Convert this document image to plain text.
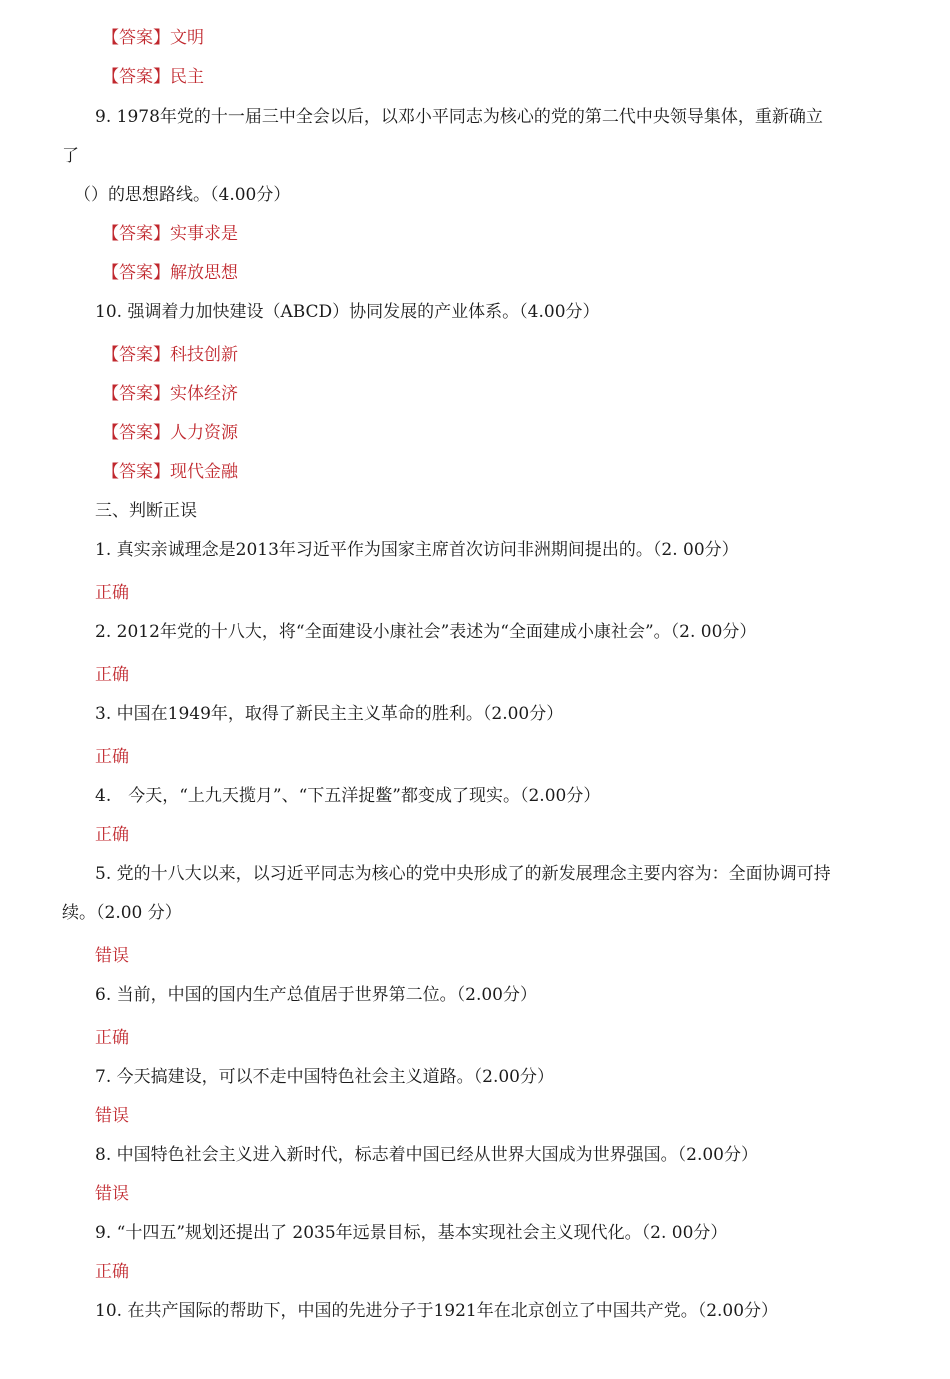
【答案】文明
【答案】民主
9. 1978年党的十一届三中全会以后，以邓小平同志为核心的党的第二代中央领导集体，重新确立
了
（）的思想路线。（4.00分）
【答案】实事求是
【答案】解放思想
10. 强调着力加快建设（ABCD）协同发展的产业体系。（4.00分）
【答案】科技创新
【答案】实体经济
【答案】人力资源
【答案】现代金融
三、判断正误
1. 真实亲诚理念是2013年习近平作为国家主席首次访问非洲期间提出的。（2. 00分）
正确
2. 2012年党的十八大，将“全面建设小康社会”表述为“全面建成小康社会”。（2. 00分）
正确
3. 中国在1949年，取得了新民主主义革命的胜利。（2.00分）
正确
4.　今天，“上九天揽月”、“下五洋捉鳖”都变成了现实。（2.00分）
正确
5. 党的十八大以来，以习近平同志为核心的党中央形成了的新发展理念主要内容为：全面协调可持
续。（2.00 分）
错误
6. 当前，中国的国内生产总值居于世界第二位。（2.00分）
正确
7. 今天搞建设，可以不走中国特色社会主义道路。（2.00分）
错误
8. 中国特色社会主义进入新时代，标志着中国已经从世界大国成为世界强国。（2.00分）
错误
9. “十四五”规划还提出了 2035年远景目标，基本实现社会主义现代化。（2. 00分）
正确
10. 在共产国际的帮助下，中国的先进分子于1921年在北京创立了中国共产党。（2.00分）
